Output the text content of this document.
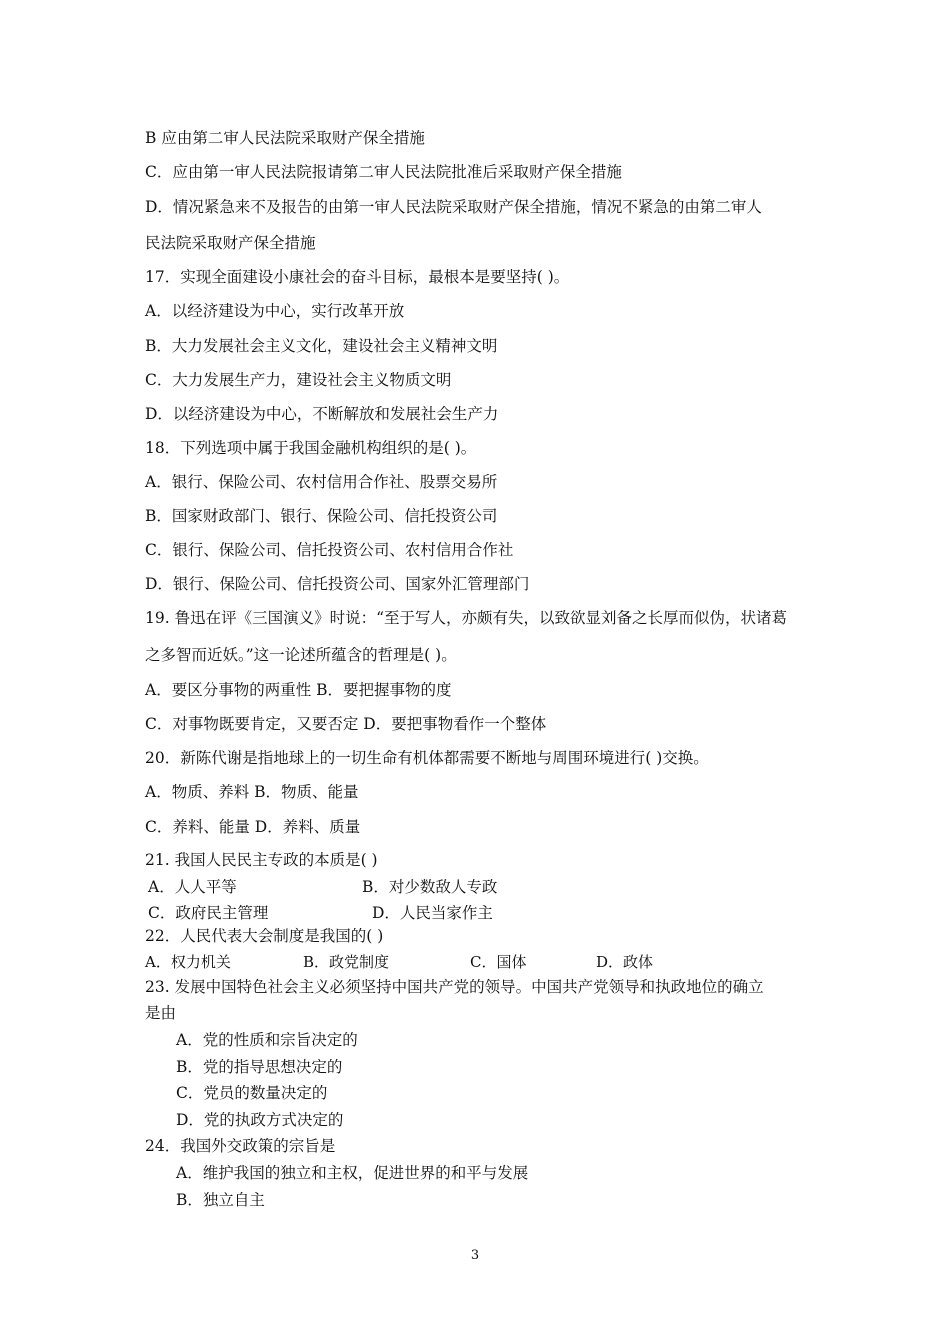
B 应由第二审人民法院采取财产保全措施
C．应由第一审人民法院报请第二审人民法院批准后采取财产保全措施
D．情况紧急来不及报告的由第一审人民法院采取财产保全措施，情况不紧急的由第二审人
民法院采取财产保全措施
17．实现全面建设小康社会的奋斗目标，最根本是要坚持( )。
A．以经济建设为中心，实行改革开放
B．大力发展社会主义文化，建设社会主义精神文明
C．大力发展生产力，建设社会主义物质文明
D．以经济建设为中心，不断解放和发展社会生产力
18．下列选项中属于我国金融机构组织的是( )。
A．银行、保险公司、农村信用合作社、股票交易所
B．国家财政部门、银行、保险公司、信托投资公司
C．银行、保险公司、信托投资公司、农村信用合作社
D．银行、保险公司、信托投资公司、国家外汇管理部门
19. 鲁迅在评《三国演义》时说：“至于写人，亦颇有失，以致欲显刘备之长厚而似伪，状诸葛
之多智而近妖。”这一论述所蕴含的哲理是( )。
A．要区分事物的两重性 B．要把握事物的度
C．对事物既要肯定，又要否定 D．要把事物看作一个整体
20．新陈代谢是指地球上的一切生命有机体都需要不断地与周围环境进行( )交换。
A．物质、养料 B．物质、能量
C．养料、能量 D．养料、质量
21. 我国人民民主专政的本质是( )
A．人人平等	B．对少数敌人专政
C．政府民主管理	D．人民当家作主
22．人民代表大会制度是我国的( )
A．权力机关	B．政党制度	C．国体	D．政体
23. 发展中国特色社会主义必须坚持中国共产党的领导。中国共产党领导和执政地位的确立
是由
A．党的性质和宗旨决定的
B．党的指导思想决定的
C．党员的数量决定的
D．党的执政方式决定的
24．我国外交政策的宗旨是
A．维护我国的独立和主权，促进世界的和平与发展
B．独立自主
3
